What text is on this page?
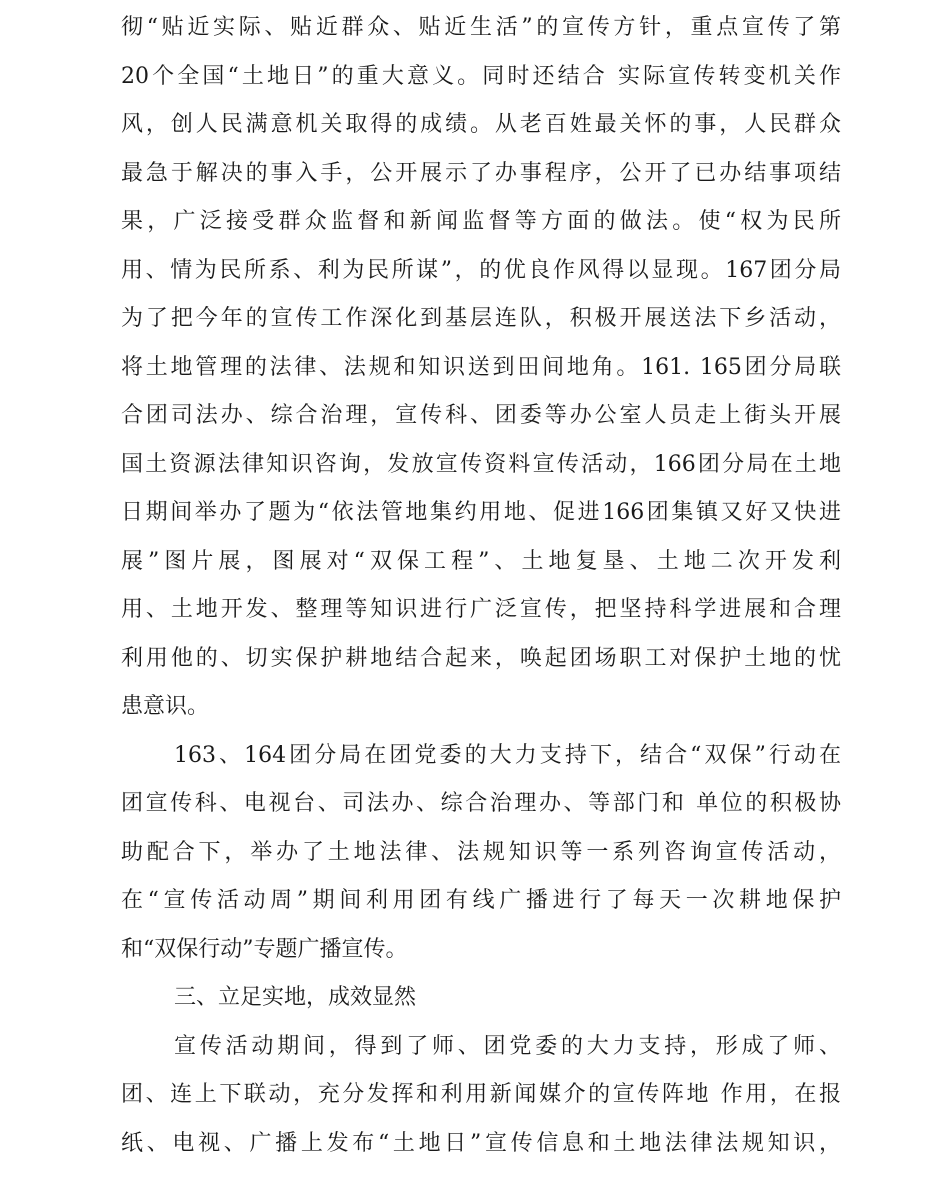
彻“贴近实际、贴近群众、贴近生活”的宣传方针，重点宣传了第
20个全国“土地日”的重大意义。同时还结合 实际宣传转变机关作
风，创人民满意机关取得的成绩。从老百姓最关怀的事，人民群众
最急于解决的事入手，公开展示了办事程序，公开了已办结事项结
果，广泛接受群众监督和新闻监督等方面的做法。使“权为民所
用、情为民所系、利为民所谋”，的优良作风得以显现。167团分局
为了把今年的宣传工作深化到基层连队，积极开展送法下乡活动，
将土地管理的法律、法规和知识送到田间地角。161. 165团分局联
合团司法办、综合治理，宣传科、团委等办公室人员走上街头开展
国土资源法律知识咨询，发放宣传资料宣传活动，166团分局在土地
日期间举办了题为“依法管地集约用地、促进166团集镇又好又快进
展”图片展，图展对“双保工程”、土地复垦、土地二次开发利
用、土地开发、整理等知识进行广泛宣传，把坚持科学进展和合理
利用他的、切实保护耕地结合起来，唤起团场职工对保护土地的忧
患意识。
163、164团分局在团党委的大力支持下，结合“双保”行动在
团宣传科、电视台、司法办、综合治理办、等部门和 单位的积极协
助配合下，举办了土地法律、法规知识等一系列咨询宣传活动，
在“宣传活动周”期间利用团有线广播进行了每天一次耕地保护
和“双保行动”专题广播宣传。
三、立足实地，成效显然
宣传活动期间，得到了师、团党委的大力支持，形成了师、
团、连上下联动，充分发挥和利用新闻媒介的宣传阵地 作用，在报
纸、电视、广播上发布“土地日”宣传信息和土地法律法规知识，
